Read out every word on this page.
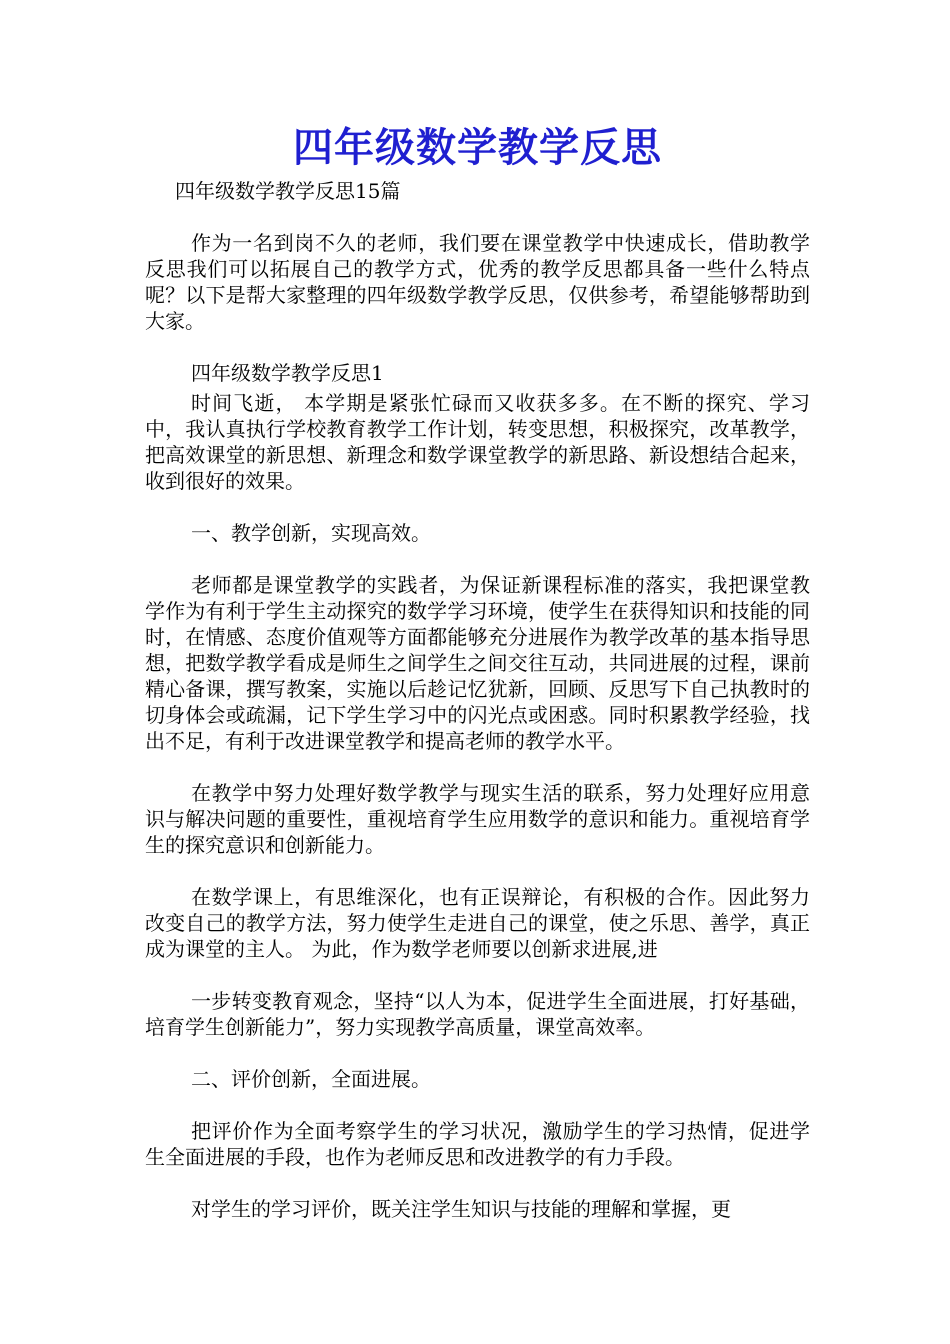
四年级数学教学反思
四年级数学教学反思15篇

作为一名到岗不久的老师，我们要在课堂教学中快速成长，借助教学反思我们可以拓展自己的教学方式，优秀的教学反思都具备一些什么特点呢？以下是帮大家整理的四年级数学教学反思，仅供参考，希望能够帮助到大家。

四年级数学教学反思1

时间飞逝， 本学期是紧张忙碌而又收获多多。在不断的探究、学习中，我认真执行学校教育教学工作计划，转变思想，积极探究，改革教学，把高效课堂的新思想、新理念和数学课堂教学的新思路、新设想结合起来，收到很好的效果。

一、教学创新，实现高效。

老师都是课堂教学的实践者，为保证新课程标准的落实，我把课堂教学作为有利于学生主动探究的数学学习环境，使学生在获得知识和技能的同时，在情感、态度价值观等方面都能够充分进展作为教学改革的基本指导思想，把数学教学看成是师生之间学生之间交往互动，共同进展的过程，课前精心备课，撰写教案，实施以后趁记忆犹新，回顾、反思写下自己执教时的切身体会或疏漏，记下学生学习中的闪光点或困惑。同时积累教学经验，找出不足，有利于改进课堂教学和提高老师的教学水平。

在教学中努力处理好数学教学与现实生活的联系，努力处理好应用意识与解决问题的重要性，重视培育学生应用数学的意识和能力。重视培育学生的探究意识和创新能力。

在数学课上，有思维深化，也有正误辩论，有积极的合作。因此努力改变自己的教学方法，努力使学生走进自己的课堂，使之乐思、善学，真正成为课堂的主人。 为此，作为数学老师要以创新求进展,进

一步转变教育观念，坚持“以人为本，促进学生全面进展，打好基础，培育学生创新能力”，努力实现教学高质量，课堂高效率。

二、评价创新，全面进展。

把评价作为全面考察学生的学习状况，激励学生的学习热情，促进学生全面进展的手段，也作为老师反思和改进教学的有力手段。

对学生的学习评价，既关注学生知识与技能的理解和掌握，更
